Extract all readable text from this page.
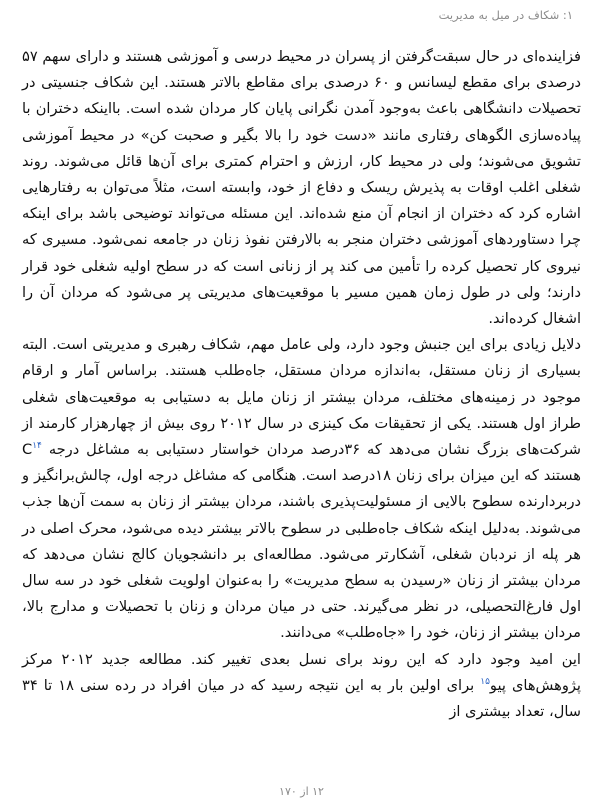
۱: شکاف در میل به مدیریت

فزاینده‌ای در حال سبقت‌گرفتن از پسران در محیط درسی و آموزشی هستند و دارای سهم ۵۷ درصدی برای مقطع لیسانس و ۶۰ درصدی برای مقاطع بالاتر هستند. این شکاف جنسیتی در تحصیلات دانشگاهی باعث به‌وجود آمدن نگرانی پایان کار مردان شده است. بااینکه دختران با پیاده‌سازی الگوهای رفتاری مانند «دست خود را بالا بگیر و صحبت کن» در محیط آموزشی تشویق می‌شوند؛ ولی در محیط کار، ارزش و احترام کمتری برای آن‌ها قائل می‌شوند. روند شغلی اغلب اوقات به پذیرش ریسک و دفاع از خود، وابسته است، مثلاً می‌توان به رفتارهایی اشاره کرد که دختران از انجام آن منع شده‌اند. این مسئله می‌تواند توضیحی باشد برای اینکه چرا دستاوردهای آموزشی دختران منجر به بالارفتن نفوذ زنان در جامعه نمی‌شود. مسیری که نیروی کار تحصیل کرده را تأمین می کند پر از زنانی است که در سطح اولیه شغلی خود قرار دارند؛ ولی در طول زمان همین مسیر با موقعیت‌های مدیریتی پر می‌شود که مردان آن را اشغال کرده‌اند.

دلایل زیادی برای این جنبش وجود دارد، ولی عامل مهم، شکاف رهبری و مدیریتی است. البته بسیاری از زنان مستقل، به‌اندازه مردان مستقل، جاه‌طلب هستند. براساس آمار و ارقام موجود در زمینه‌های مختلف، مردان بیشتر از زنان مایل به دستیابی به موقعیت‌های شغلی طراز اول هستند. یکی از تحقیقات مک کینزی در سال ۲۰۱۲ روی بیش از چهارهزار کارمند از شرکت‌های بزرگ نشان می‌دهد که ۳۶درصد مردان خواستار دستیابی به مشاغل درجه C$^{۱۴}$ هستند که این میزان برای زنان ۱۸درصد است. هنگامی که مشاغل درجه اول، چالش‌برانگیز و دربردارنده سطوح بالایی از مسئولیت‌پذیری باشند، مردان بیشتر از زنان به سمت آن‌ها جذب می‌شوند. به‌دلیل اینکه شکاف جاه‌طلبی در سطوح بالاتر بیشتر دیده می‌شود، محرک اصلی در هر پله از نردبان شغلی، آشکارتر می‌شود. مطالعه‌ای بر دانشجویان کالج نشان می‌دهد که مردان بیشتر از زنان «رسیدن به سطح مدیریت» را به‌عنوان اولویت شغلی خود در سه سال اول فارغ‌التحصیلی، در نظر می‌گیرند. حتی در میان مردان و زنان با تحصیلات و مدارج بالا، مردان بیشتر از زنان، خود را «جاه‌طلب» می‌دانند.

این امید وجود دارد که این روند برای نسل بعدی تغییر کند. مطالعه جدید ۲۰۱۲ مرکز پژوهش‌های پیو$^{۱۵}$ برای اولین بار به این نتیجه رسید که در میان افراد در رده سنی ۱۸ تا ۳۴ سال، تعداد بیشتری از

۱۲ از ۱۷۰
